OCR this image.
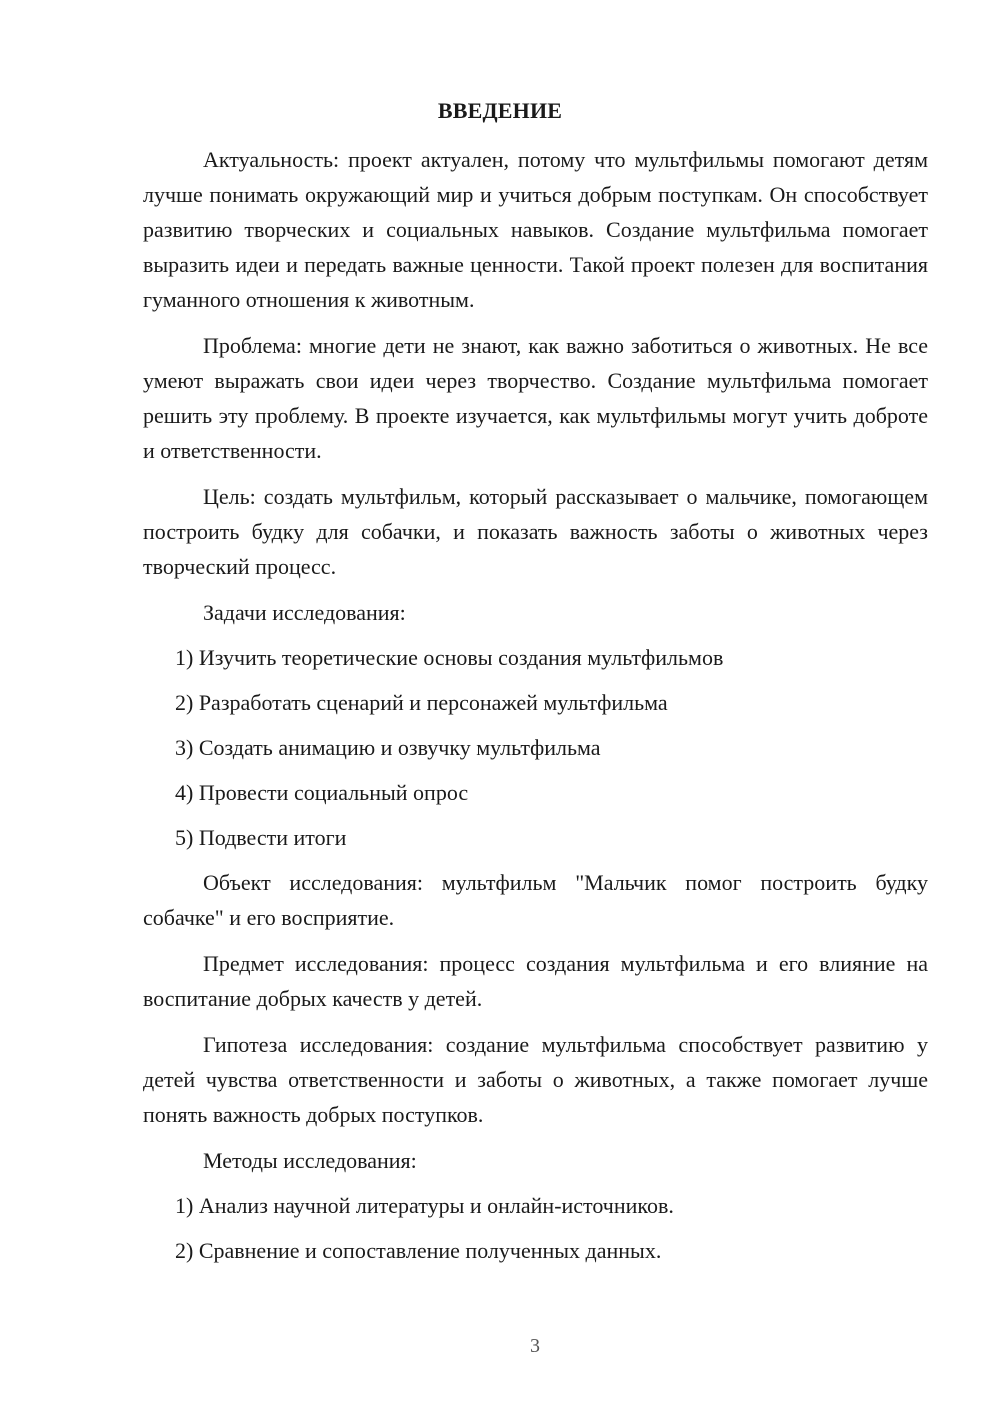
ВВЕДЕНИЕ

Актуальность: проект актуален, потому что мультфильмы помогают детям лучше понимать окружающий мир и учиться добрым поступкам. Он способствует развитию творческих и социальных навыков. Создание мультфильма помогает выразить идеи и передать важные ценности. Такой проект полезен для воспитания гуманного отношения к животным.

Проблема: многие дети не знают, как важно заботиться о животных. Не все умеют выражать свои идеи через творчество. Создание мультфильма помогает решить эту проблему. В проекте изучается, как мультфильмы могут учить доброте и ответственности.

Цель: создать мультфильм, который рассказывает о мальчике, помогающем построить будку для собачки, и показать важность заботы о животных через творческий процесс.

Задачи исследования:
1) Изучить теоретические основы создания мультфильмов
2) Разработать сценарий и персонажей мультфильма
3) Создать анимацию и озвучку мультфильма
4) Провести социальный опрос
5) Подвести итоги

Объект исследования: мультфильм "Мальчик помог построить будку собачке" и его восприятие.

Предмет исследования: процесс создания мультфильма и его влияние на воспитание добрых качеств у детей.

Гипотеза исследования: создание мультфильма способствует развитию у детей чувства ответственности и заботы о животных, а также помогает лучше понять важность добрых поступков.

Методы исследования:
1) Анализ научной литературы и онлайн-источников.
2) Сравнение и сопоставление полученных данных.
3
